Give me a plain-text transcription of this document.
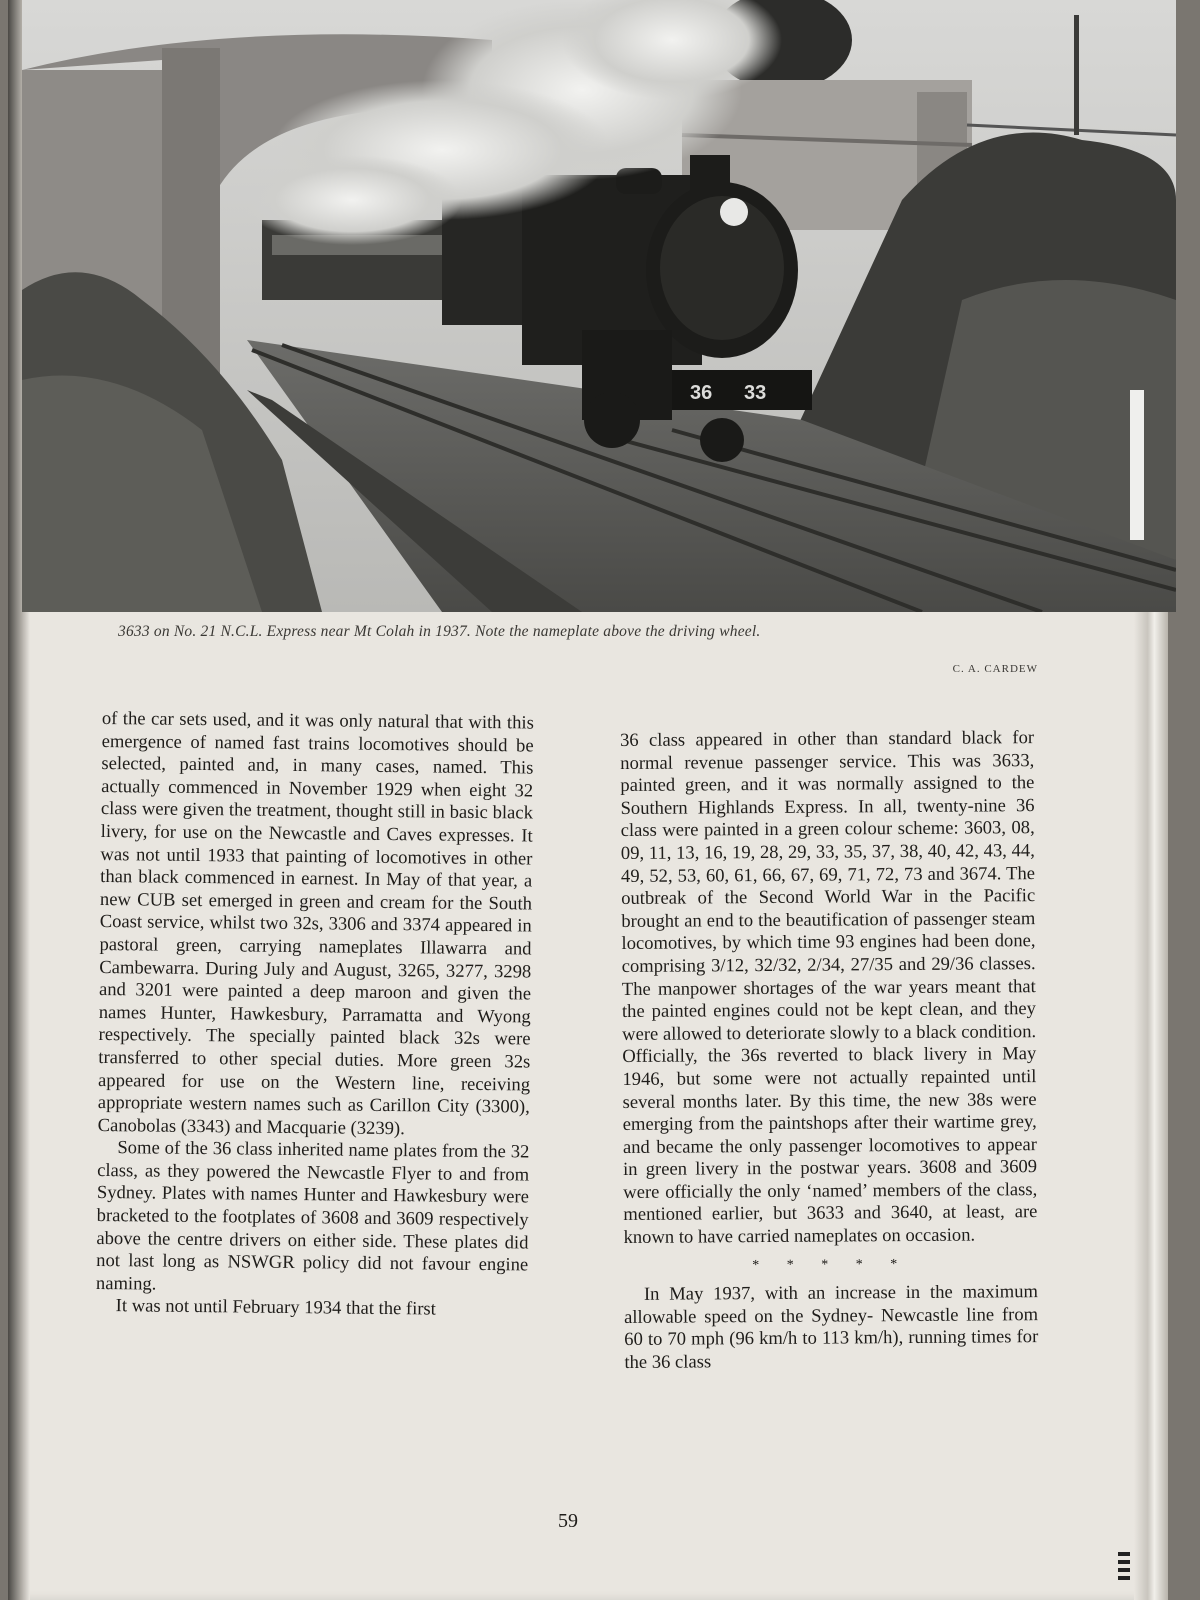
36 33
3633 on No. 21 N.C.L. Express near Mt Colah in 1937. Note the nameplate above the driving wheel.
C. A. CARDEW

of the car sets used, and it was only natural that with this emergence of named fast trains locomotives should be selected, painted and, in many cases, named. This actually commenced in November 1929 when eight 32 class were given the treatment, thought still in basic black livery, for use on the Newcastle and Caves expresses. It was not until 1933 that painting of locomotives in other than black commenced in earnest. In May of that year, a new CUB set emerged in green and cream for the South Coast service, whilst two 32s, 3306 and 3374 appeared in pastoral green, carrying nameplates Illawarra and Cambewarra. During July and August, 3265, 3277, 3298 and 3201 were painted a deep maroon and given the names Hunter, Hawkesbury, Parramatta and Wyong respectively. The specially painted black 32s were transferred to other special duties. More green 32s appeared for use on the Western line, receiving appropriate western names such as Carillon City (3300), Canobolas (3343) and Macquarie (3239).

Some of the 36 class inherited name plates from the 32 class, as they powered the Newcastle Flyer to and from Sydney. Plates with names Hunter and Hawkesbury were bracketed to the footplates of 3608 and 3609 respectively above the centre drivers on either side. These plates did not last long as NSWGR policy did not favour engine naming.

It was not until February 1934 that the first

36 class appeared in other than standard black for normal revenue passenger service. This was 3633, painted green, and it was normally assigned to the Southern Highlands Express. In all, twenty-nine 36 class were painted in a green colour scheme: 3603, 08, 09, 11, 13, 16, 19, 28, 29, 33, 35, 37, 38, 40, 42, 43, 44, 49, 52, 53, 60, 61, 66, 67, 69, 71, 72, 73 and 3674. The outbreak of the Second World War in the Pacific brought an end to the beautification of passenger steam locomotives, by which time 93 engines had been done, comprising 3/12, 32/32, 2/34, 27/35 and 29/36 classes. The manpower shortages of the war years meant that the painted engines could not be kept clean, and they were allowed to deteriorate slowly to a black condition. Officially, the 36s reverted to black livery in May 1946, but some were not actually repainted until several months later. By this time, the new 38s were emerging from the paintshops after their wartime grey, and became the only passenger locomotives to appear in green livery in the postwar years. 3608 and 3609 were officially the only ‘named’ members of the class, mentioned earlier, but 3633 and 3640, at least, are known to have carried nameplates on occasion.

* * * * *

In May 1937, with an increase in the maximum allowable speed on the Sydney- Newcastle line from 60 to 70 mph (96 km/h to 113 km/h), running times for the 36 class

59
